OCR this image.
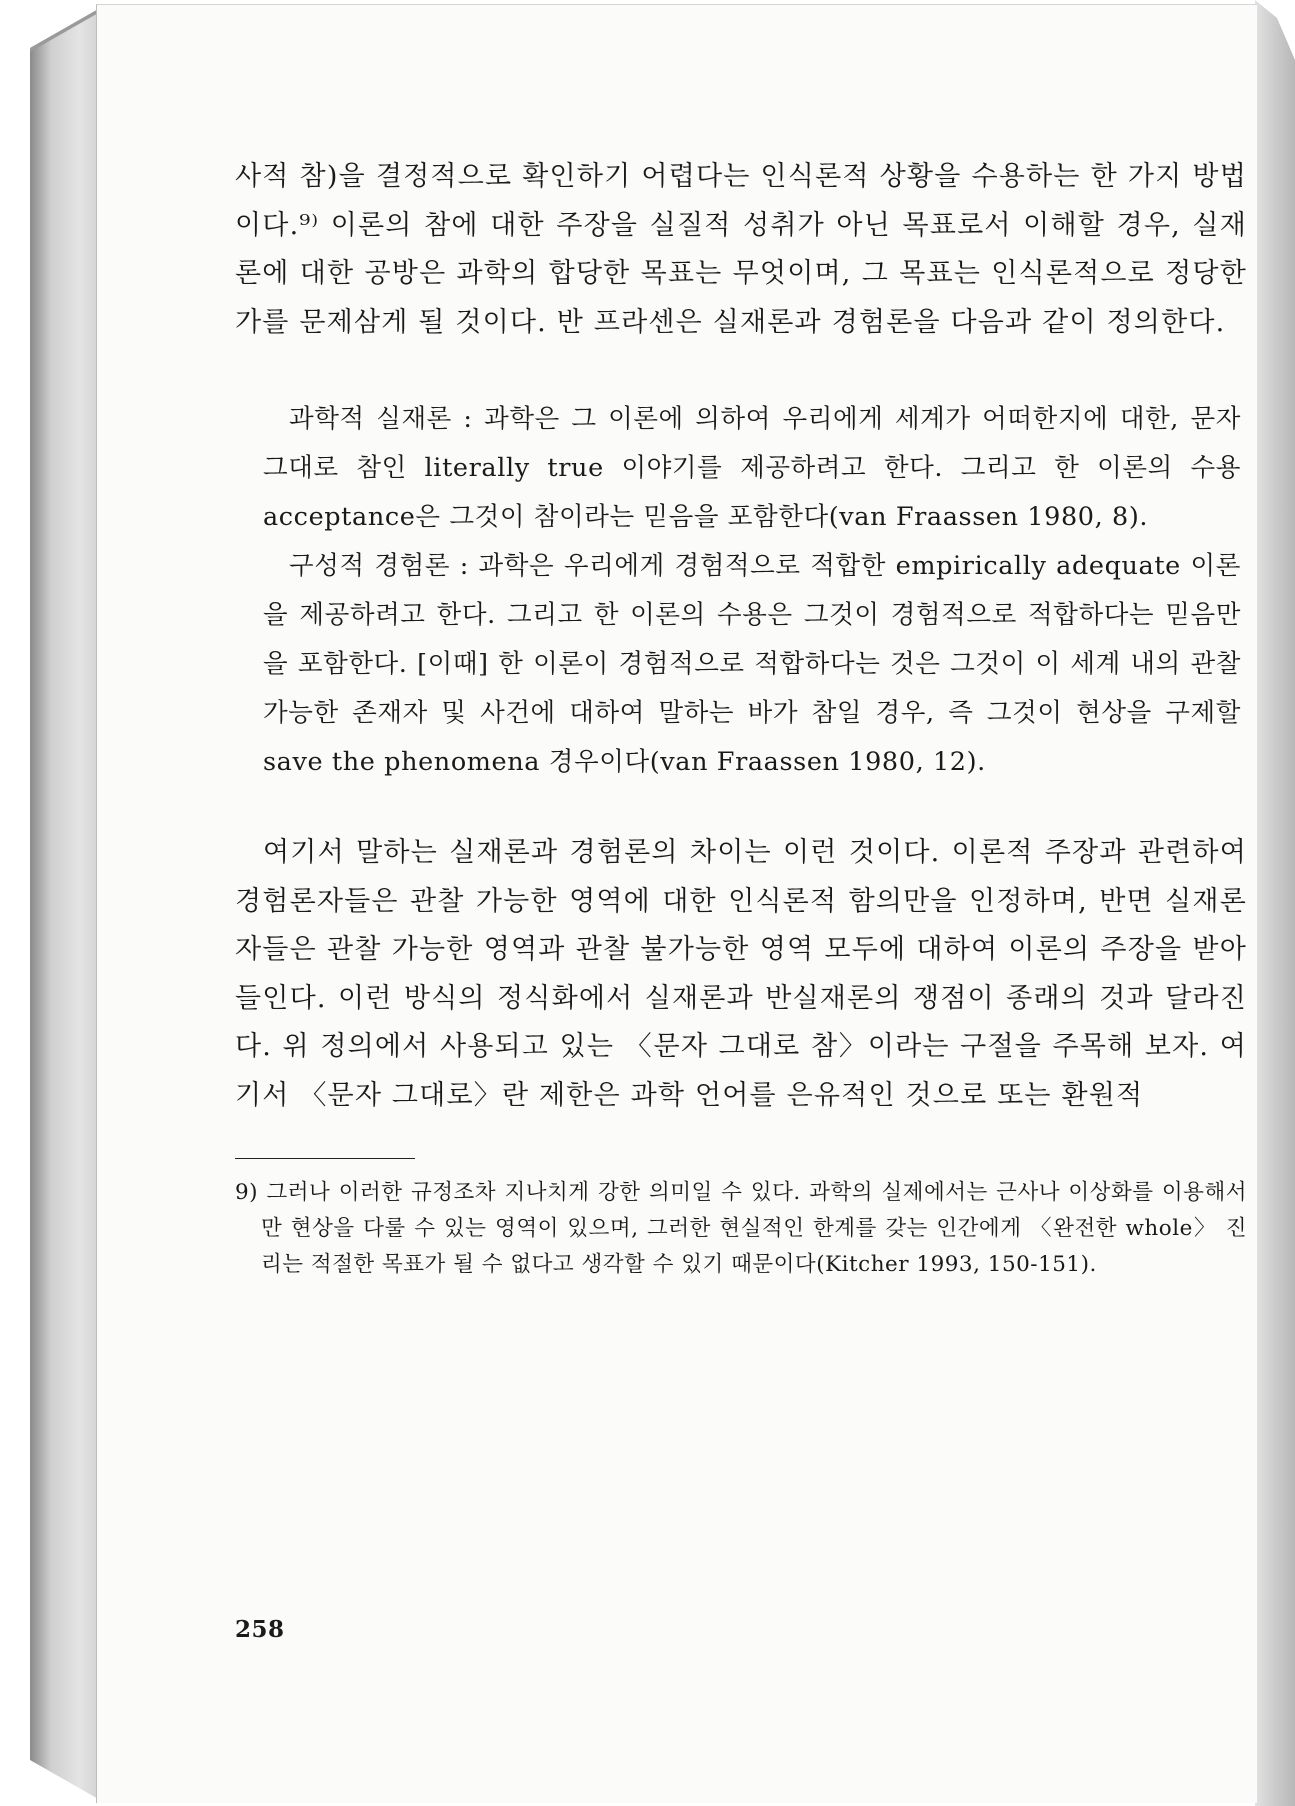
사적 참)을 결정적으로 확인하기 어렵다는 인식론적 상황을 수용하는 한 가지 방법이다.⁹⁾ 이론의 참에 대한 주장을 실질적 성취가 아닌 목표로서 이해할 경우, 실재론에 대한 공방은 과학의 합당한 목표는 무엇이며, 그 목표는 인식론적으로 정당한가를 문제삼게 될 것이다. 반 프라센은 실재론과 경험론을 다음과 같이 정의한다.

과학적 실재론 : 과학은 그 이론에 의하여 우리에게 세계가 어떠한지에 대한, 문자 그대로 참인 literally true 이야기를 제공하려고 한다. 그리고 한 이론의 수용 acceptance은 그것이 참이라는 믿음을 포함한다(van Fraassen 1980, 8).

구성적 경험론 : 과학은 우리에게 경험적으로 적합한 empirically adequate 이론을 제공하려고 한다. 그리고 한 이론의 수용은 그것이 경험적으로 적합하다는 믿음만을 포함한다. [이때] 한 이론이 경험적으로 적합하다는 것은 그것이 이 세계 내의 관찰 가능한 존재자 및 사건에 대하여 말하는 바가 참일 경우, 즉 그것이 현상을 구제할 save the phenomena 경우이다(van Fraassen 1980, 12).

여기서 말하는 실재론과 경험론의 차이는 이런 것이다. 이론적 주장과 관련하여 경험론자들은 관찰 가능한 영역에 대한 인식론적 함의만을 인정하며, 반면 실재론자들은 관찰 가능한 영역과 관찰 불가능한 영역 모두에 대하여 이론의 주장을 받아들인다. 이런 방식의 정식화에서 실재론과 반실재론의 쟁점이 종래의 것과 달라진다. 위 정의에서 사용되고 있는 〈문자 그대로 참〉이라는 구절을 주목해 보자. 여기서 〈문자 그대로〉란 제한은 과학 언어를 은유적인 것으로 또는 환원적

9) 그러나 이러한 규정조차 지나치게 강한 의미일 수 있다. 과학의 실제에서는 근사나 이상화를 이용해서만 현상을 다룰 수 있는 영역이 있으며, 그러한 현실적인 한계를 갖는 인간에게 〈완전한 whole〉 진리는 적절한 목표가 될 수 없다고 생각할 수 있기 때문이다(Kitcher 1993, 150-151).
258
